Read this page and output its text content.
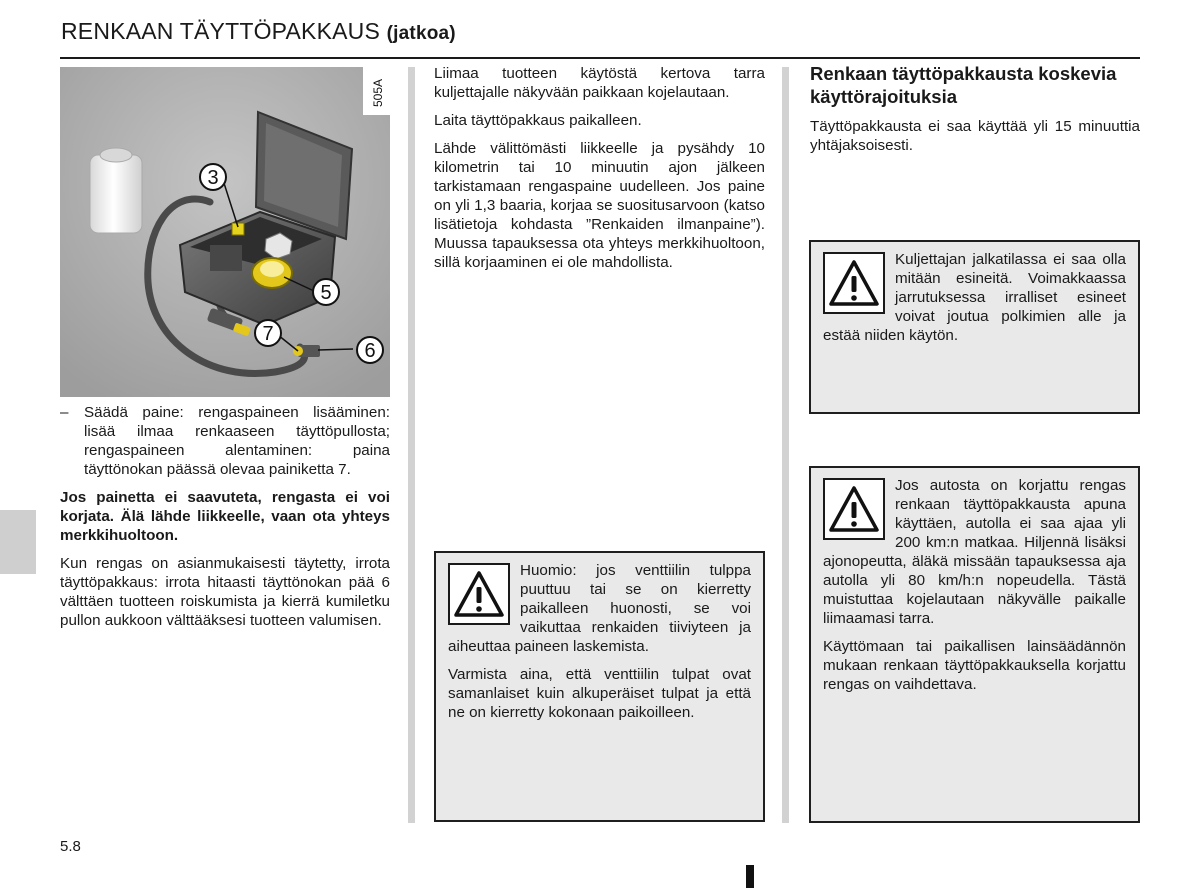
RENKAAN TÄYTTÖPAKKAUS (jatkoa)
3
5
7
6
505A

–	Säädä paine: rengaspaineen lisääminen: lisää ilmaa renkaaseen täyttöpullosta; rengaspaineen alentaminen: paina täyttönokan päässä olevaa painiketta 7.

Jos painetta ei saavuteta, rengasta ei voi korjata. Älä lähde liikkeelle, vaan ota yhteys merkkihuoltoon.

Kun rengas on asianmukaisesti täytetty, irrota täyttöpakkaus: irrota hitaasti täyttönokan pää 6 välttäen tuotteen roiskumista ja kierrä kumiletku pullon aukkoon välttääksesi tuotteen valumisen.

Liimaa tuotteen käytöstä kertova tarra kuljettajalle näkyvään paikkaan kojelautaan.

Laita täyttöpakkaus paikalleen.

Lähde välittömästi liikkeelle ja pysähdy 10 kilometrin tai 10 minuutin ajon jälkeen tarkistamaan rengaspaine uudelleen. Jos paine on yli 1,3 baaria, korjaa se suositusarvoon (katso lisätietoja kohdasta ”Renkaiden ilmanpaine”). Muussa tapauksessa ota yhteys merkkihuoltoon, sillä korjaaminen ei ole mahdollista.

Huomio: jos venttiilin tulppa puuttuu tai se on kierretty paikalleen huonosti, se voi vaikuttaa renkaiden tiiviyteen ja aiheuttaa paineen laskemista.

Varmista aina, että venttiilin tulpat ovat samanlaiset kuin alkuperäiset tulpat ja että ne on kierretty kokonaan paikoilleen.

Renkaan täyttöpakkausta koskevia käyttörajoituksia

Täyttöpakkausta ei saa käyttää yli 15 minuuttia yhtäjaksoisesti.

Kuljettajan jalkatilassa ei saa olla mitään esineitä. Voimakkaassa jarrutuksessa irralliset esineet voivat joutua polkimien alle ja estää niiden käytön.

Jos autosta on korjattu rengas renkaan täyttöpakkausta apuna käyttäen, autolla ei saa ajaa yli 200 km:n matkaa. Hiljennä lisäksi ajonopeutta, äläkä missään tapauksessa aja autolla yli 80 km/h:n nopeudella. Tästä muistuttaa kojelautaan näkyvälle paikalle liimaamasi tarra.

Käyttömaan tai paikallisen lainsäädännön mukaan renkaan täyttöpakkauksella korjattu rengas on vaihdettava.

5.8
